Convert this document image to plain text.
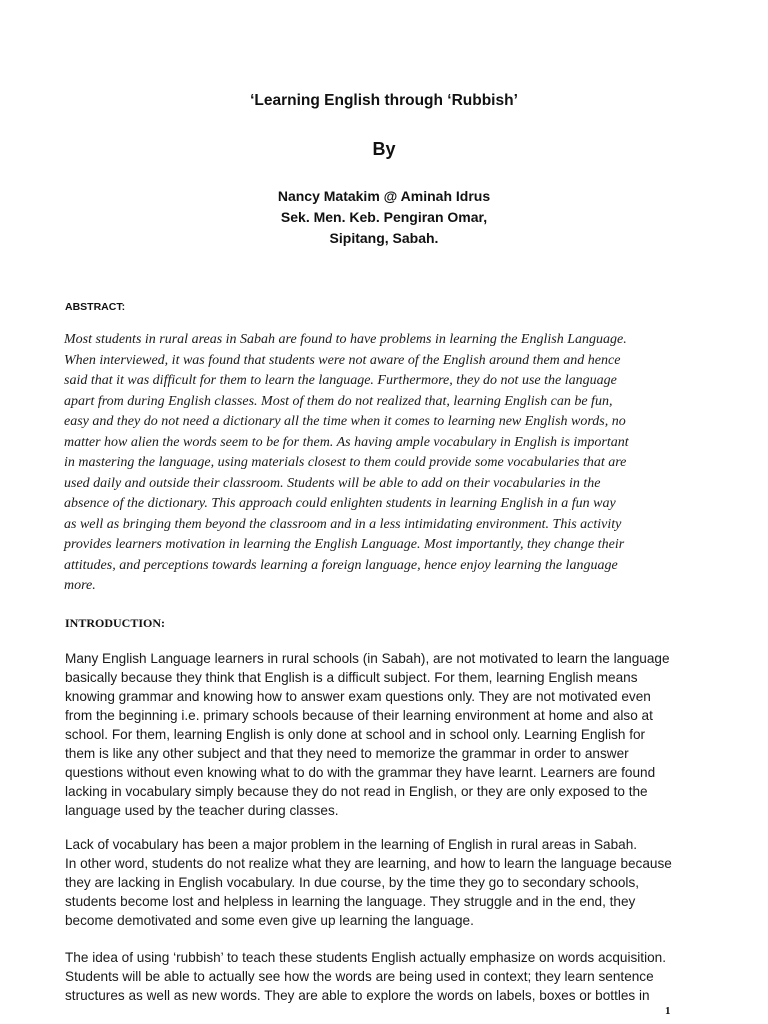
‘Learning English through ‘Rubbish’
By
Nancy Matakim @ Aminah Idrus
Sek. Men. Keb. Pengiran Omar,
Sipitang, Sabah.
ABSTRACT:
Most students in rural areas in Sabah are found to have problems in learning the English Language.
When interviewed, it was found that students were not aware of the English around them and hence
said that it was difficult for them to learn the language. Furthermore, they do not use the language
apart from during English classes. Most of them do not realized that, learning English can be fun,
easy and they do not need a dictionary all the time when it comes to learning new English words, no
matter how alien the words seem to be for them. As having ample vocabulary in English is important
in mastering the language, using materials closest to them could provide some vocabularies that are
used daily and outside their classroom. Students will be able to add on their vocabularies in the
absence of the dictionary. This approach could enlighten students in learning English in a fun way
as well as bringing them beyond the classroom and in a less intimidating environment. This activity
provides learners motivation in learning the English Language. Most importantly, they change their
attitudes, and perceptions towards learning a foreign language, hence enjoy learning the language
more.
INTRODUCTION:
Many English Language learners in rural schools (in Sabah), are not motivated to learn the language
basically because they think that English is a difficult subject. For them, learning English means
knowing grammar and knowing how to answer exam questions only. They are not motivated even
from the beginning i.e. primary schools because of their learning environment at home and also at
school. For them, learning English is only done at school and in school only. Learning English for
them is like any other subject and that they need to memorize the grammar in order to answer
questions without even knowing what to do with the grammar they have learnt. Learners are found
lacking in vocabulary simply because they do not read in English, or they are only exposed to the
language used by the teacher during classes.
Lack of vocabulary has been a major problem in the learning of English in rural areas in Sabah.
In other word, students do not realize what they are learning, and how to learn the language because
they are lacking in English vocabulary. In due course, by the time they go to secondary schools,
students become lost and helpless in learning the language. They struggle and in the end, they
become demotivated and some even give up learning the language.
The idea of using ‘rubbish’ to teach these students English actually emphasize on words acquisition.
Students will be able to actually see how the words are being used in context; they learn sentence
structures as well as new words. They are able to explore the words on labels, boxes or bottles in
1
